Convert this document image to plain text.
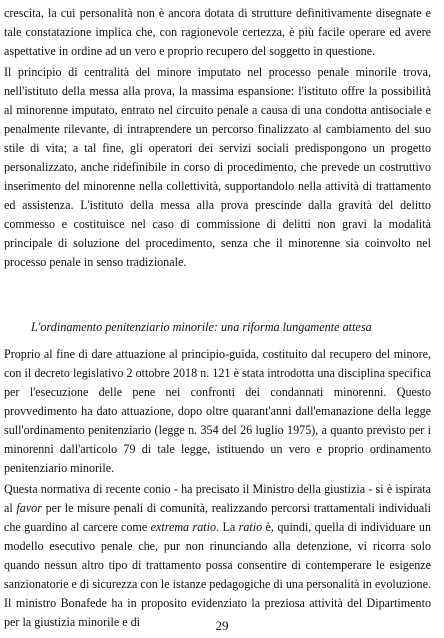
crescita, la cui personalità non è ancora dotata di strutture definitivamente disegnate e tale constatazione implica che, con ragionevole certezza, è più facile operare ed avere aspettative in ordine ad un vero e proprio recupero del soggetto in questione.

Il principio di centralità del minore imputato nel processo penale minorile trova, nell'istituto della messa alla prova, la massima espansione: l'istituto offre la possibilità al minorenne imputato, entrato nel circuito penale a causa di una condotta antisociale e penalmente rilevante, di intraprendere un percorso finalizzato al cambiamento del suo stile di vita; a tal fine, gli operatori dei servizi sociali predispongono un progetto personalizzato, anche ridefinibile in corso di procedimento, che prevede un costruttivo inserimento del minorenne nella collettività, supportandolo nella attività di trattamento ed assistenza. L'istituto della messa alla prova prescinde dalla gravità del delitto commesso e costituisce nel caso di commissione di delitti non gravi la modalità principale di soluzione del procedimento, senza che il minorenne sia coinvolto nel processo penale in senso tradizionale.

L'ordinamento penitenziario minorile: una riforma lungamente attesa

Proprio al fine di dare attuazione al principio-guida, costituito dal recupero del minore, con il decreto legislativo 2 ottobre 2018 n. 121 è stata introdotta una disciplina specifica per l'esecuzione delle pene nei confronti dei condannati minorenni. Questo provvedimento ha dato attuazione, dopo oltre quarant'anni dall'emanazione della legge sull'ordinamento penitenziario (legge n. 354 del 26 luglio 1975), a quanto previsto per i minorenni dall'articolo 79 di tale legge, istituendo un vero e proprio ordinamento penitenziario minorile.

Questa normativa di recente conio - ha precisato il Ministro della giustizia - si è ispirata al favor per le misure penali di comunità, realizzando percorsi trattamentali individuali che guardino al carcere come extrema ratio. La ratio è, quindi, quella di individuare un modello esecutivo penale che, pur non rinunciando alla detenzione, vi ricorra solo quando nessun altro tipo di trattamento possa consentire di contemperare le esigenze sanzionatorie e di sicurezza con le istanze pedagogiche di una personalità in evoluzione. Il ministro Bonafede ha in proposito evidenziato la preziosa attività del Dipartimento per la giustizia minorile e di	29
